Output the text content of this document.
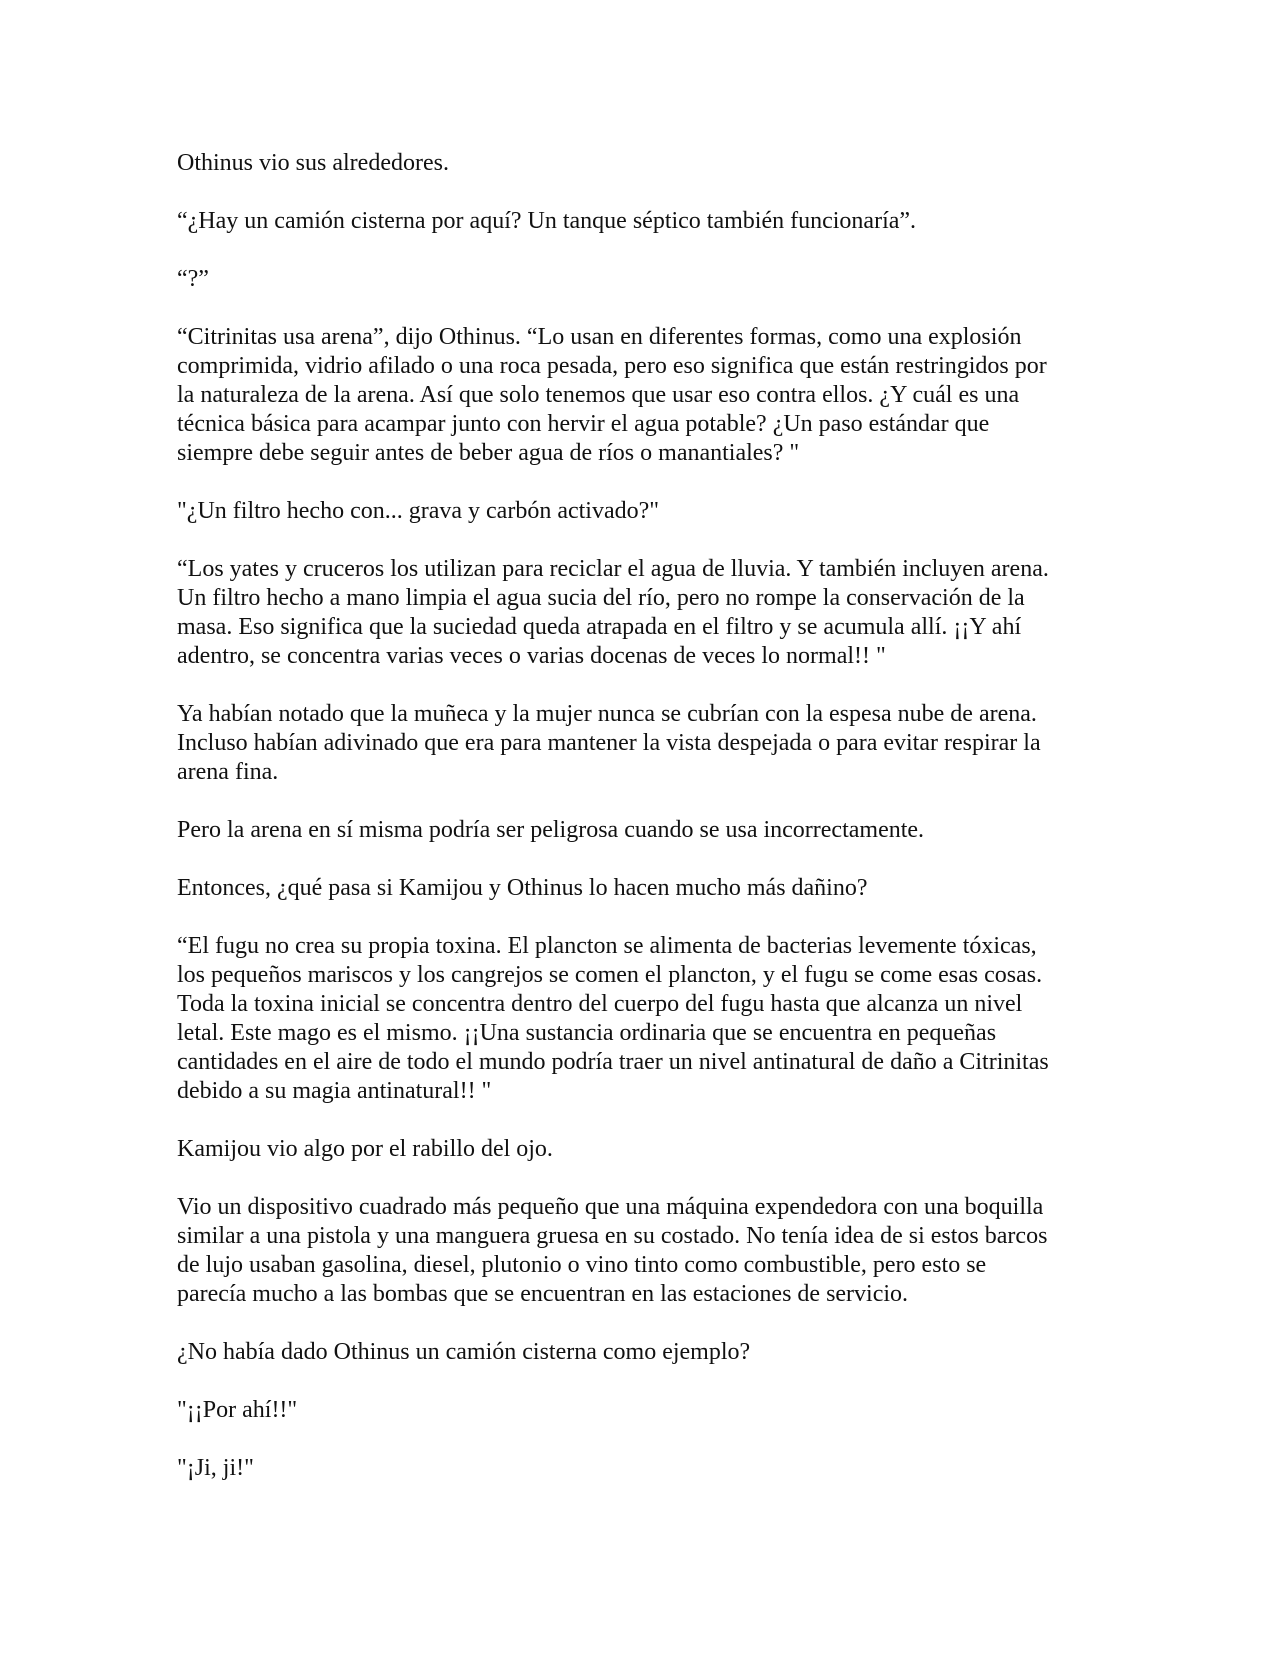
Othinus vio sus alrededores.

“¿Hay un camión cisterna por aquí? Un tanque séptico también funcionaría”.

“?”

“Citrinitas usa arena”, dijo Othinus. “Lo usan en diferentes formas, como una explosión
comprimida, vidrio afilado o una roca pesada, pero eso significa que están restringidos por
la naturaleza de la arena. Así que solo tenemos que usar eso contra ellos. ¿Y cuál es una
técnica básica para acampar junto con hervir el agua potable? ¿Un paso estándar que
siempre debe seguir antes de beber agua de ríos o manantiales? "

"¿Un filtro hecho con... grava y carbón activado?"

“Los yates y cruceros los utilizan para reciclar el agua de lluvia. Y también incluyen arena.
Un filtro hecho a mano limpia el agua sucia del río, pero no rompe la conservación de la
masa. Eso significa que la suciedad queda atrapada en el filtro y se acumula allí. ¡¡Y ahí
adentro, se concentra varias veces o varias docenas de veces lo normal!! "

Ya habían notado que la muñeca y la mujer nunca se cubrían con la espesa nube de arena.
Incluso habían adivinado que era para mantener la vista despejada o para evitar respirar la
arena fina.

Pero la arena en sí misma podría ser peligrosa cuando se usa incorrectamente.

Entonces, ¿qué pasa si Kamijou y Othinus lo hacen mucho más dañino?

“El fugu no crea su propia toxina. El plancton se alimenta de bacterias levemente tóxicas,
los pequeños mariscos y los cangrejos se comen el plancton, y el fugu se come esas cosas.
Toda la toxina inicial se concentra dentro del cuerpo del fugu hasta que alcanza un nivel
letal. Este mago es el mismo. ¡¡Una sustancia ordinaria que se encuentra en pequeñas
cantidades en el aire de todo el mundo podría traer un nivel antinatural de daño a Citrinitas
debido a su magia antinatural!! "

Kamijou vio algo por el rabillo del ojo.

Vio un dispositivo cuadrado más pequeño que una máquina expendedora con una boquilla
similar a una pistola y una manguera gruesa en su costado. No tenía idea de si estos barcos
de lujo usaban gasolina, diesel, plutonio o vino tinto como combustible, pero esto se
parecía mucho a las bombas que se encuentran en las estaciones de servicio.

¿No había dado Othinus un camión cisterna como ejemplo?

"¡¡Por ahí!!"

"¡Ji, ji!"
